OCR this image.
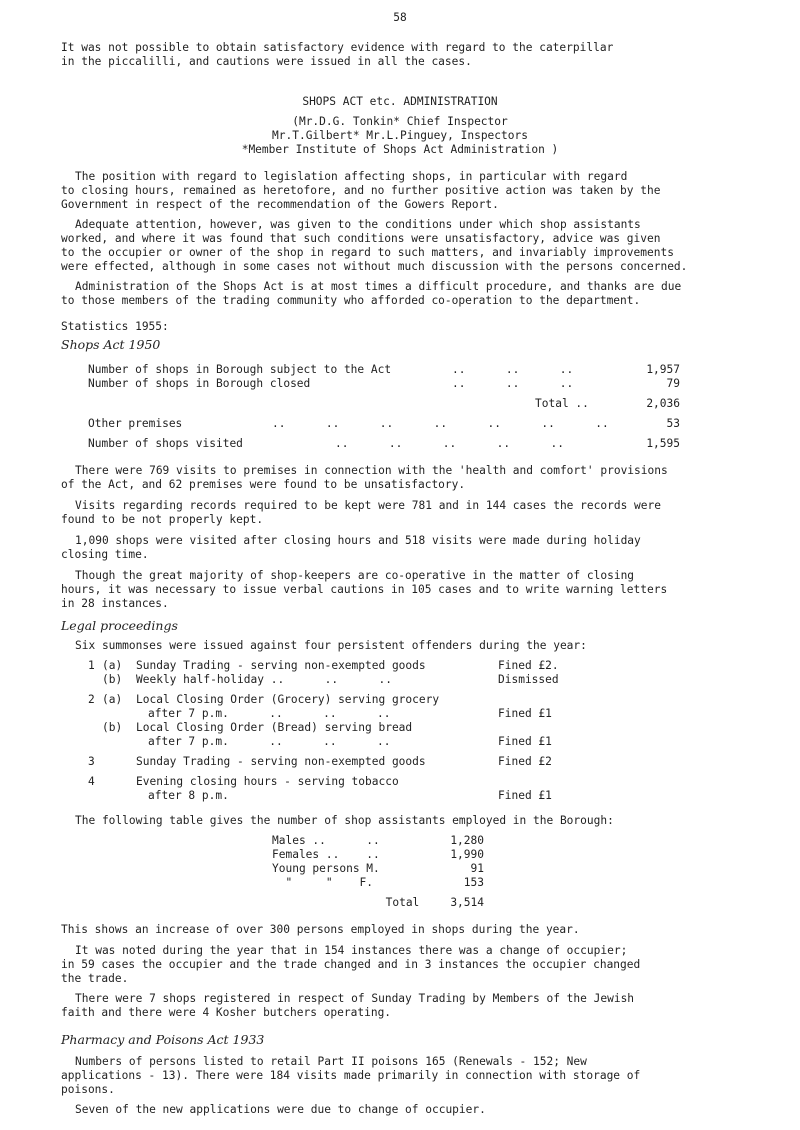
58
It was not possible to obtain satisfactory evidence with regard to the caterpillar
in the piccalilli, and cautions were issued in all the cases.
SHOPS ACT etc. ADMINISTRATION
(Mr.D.G. Tonkin* Chief Inspector
Mr.T.Gilbert* Mr.L.Pinguey, Inspectors
*Member Institute of Shops Act Administration )
The position with regard to legislation affecting shops, in particular with regard
to closing hours, remained as heretofore, and no further positive action was taken by the
Government in respect of the recommendation of the Gowers Report.
Adequate attention, however, was given to the conditions under which shop assistants
worked, and where it was found that such conditions were unsatisfactory, advice was given
to the occupier or owner of the shop in regard to such matters, and invariably improvements
were effected, although in some cases not without much discussion with the persons concerned.
Administration of the Shops Act is at most times a difficult procedure, and thanks are due
to those members of the trading community who afforded co-operation to the department.
Statistics 1955:
Shops Act 1950
Number of shops in Borough subject to the Act	..      ..      ..	1,957
Number of shops in Borough closed	..      ..      ..	79
Total ..	2,036
Other premises	..      ..      ..      ..      ..      ..      ..	53
Number of shops visited	..      ..      ..      ..      ..	1,595
There were 769 visits to premises in connection with the 'health and comfort' provisions
of the Act, and 62 premises were found to be unsatisfactory.
Visits regarding records required to be kept were 781 and in 144 cases the records were
found to be not properly kept.
1,090 shops were visited after closing hours and 518 visits were made during holiday
closing time.
Though the great majority of shop-keepers are co-operative in the matter of closing
hours, it was necessary to issue verbal cautions in 105 cases and to write warning letters
in 28 instances.
Legal proceedings
Six summonses were issued against four persistent offenders during the year:
1 (a) Sunday Trading - serving non-exempted goods	Fined £2.
(b) Weekly half-holiday ..      ..      ..	Dismissed
2 (a) Local Closing Order (Grocery) serving grocery
after 7 p.m.      ..      ..      ..	Fined £1
(b) Local Closing Order (Bread) serving bread
after 7 p.m.      ..      ..      ..	Fined £1
3	Sunday Trading - serving non-exempted goods	Fined £2
4	Evening closing hours - serving tobacco
after 8 p.m.	Fined £1
The following table gives the number of shop assistants employed in the Borough:
Males ..      ..	1,280
Females ..    ..	1,990
Young persons M.	91
"     "    F.	153
Total	3,514
This shows an increase of over 300 persons employed in shops during the year.
It was noted during the year that in 154 instances there was a change of occupier;
in 59 cases the occupier and the trade changed and in 3 instances the occupier changed
the trade.
There were 7 shops registered in respect of Sunday Trading by Members of the Jewish
faith and there were 4 Kosher butchers operating.
Pharmacy and Poisons Act 1933
Numbers of persons listed to retail Part II poisons 165 (Renewals - 152; New
applications - 13). There were 184 visits made primarily in connection with storage of
poisons.
Seven of the new applications were due to change of occupier.
